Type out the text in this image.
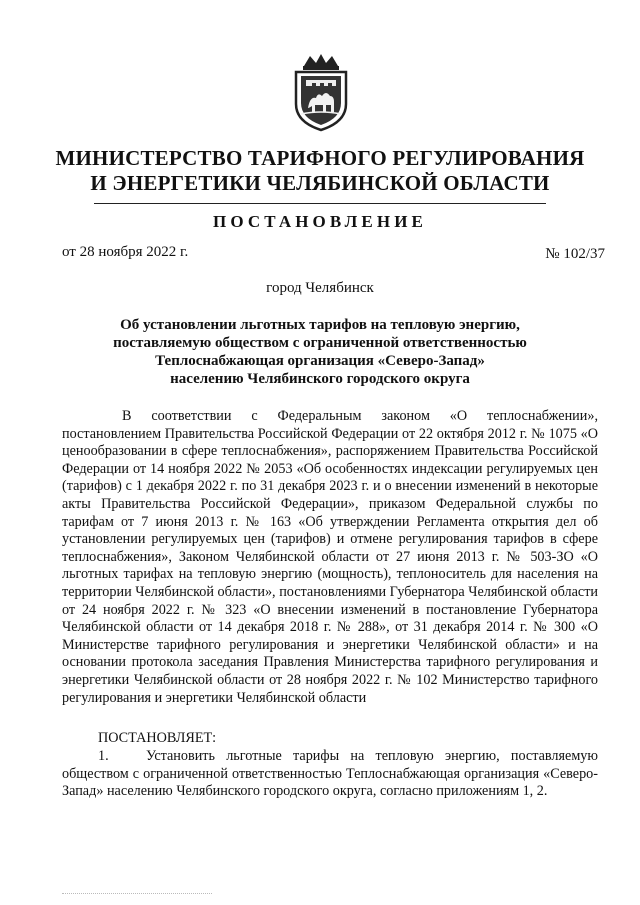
МИНИСТЕРСТВО ТАРИФНОГО РЕГУЛИРОВАНИЯ
И ЭНЕРГЕТИКИ ЧЕЛЯБИНСКОЙ ОБЛАСТИ
ПОСТАНОВЛЕНИЕ
от 28 ноября 2022 г.	№ 102/37
город Челябинск
Об установлении льготных тарифов на тепловую энергию,
поставляемую обществом с ограниченной ответственностью
Теплоснабжающая организация «Северо-Запад»
населению Челябинского городского округа

В соответствии с Федеральным законом «О теплоснабжении», постановлением Правительства Российской Федерации от 22 октября 2012 г. № 1075 «О ценообразовании в сфере теплоснабжения», распоряжением Правительства Российской Федерации от 14 ноября 2022 № 2053 «Об особенностях индексации регулируемых цен (тарифов) с 1 декабря 2022 г. по 31 декабря 2023 г. и о внесении изменений в некоторые акты Правительства Российской Федерации», приказом Федеральной службы по тарифам от 7 июня 2013 г. № 163 «Об утверждении Регламента открытия дел об установлении регулируемых цен (тарифов) и отмене регулирования тарифов в сфере теплоснабжения», Законом Челябинской области от 27 июня 2013 г. № 503-ЗО «О льготных тарифах на тепловую энергию (мощность), теплоноситель для населения на территории Челябинской области», постановлениями Губернатора Челябинской области от 24 ноября 2022 г. № 323 «О внесении изменений в постановление Губернатора Челябинской области от 14 декабря 2018 г. № 288», от 31 декабря 2014 г. № 300 «О Министерстве тарифного регулирования и энергетики Челябинской области» и на основании протокола заседания Правления Министерства тарифного регулирования и энергетики Челябинской области от 28 ноября 2022 г. № 102 Министерство тарифного регулирования и энергетики Челябинской области

ПОСТАНОВЛЯЕТ:

1.	Установить льготные тарифы на тепловую энергию, поставляемую обществом с ограниченной ответственностью Теплоснабжающая организация «Северо-Запад» населению Челябинского городского округа, согласно приложениям 1, 2.
